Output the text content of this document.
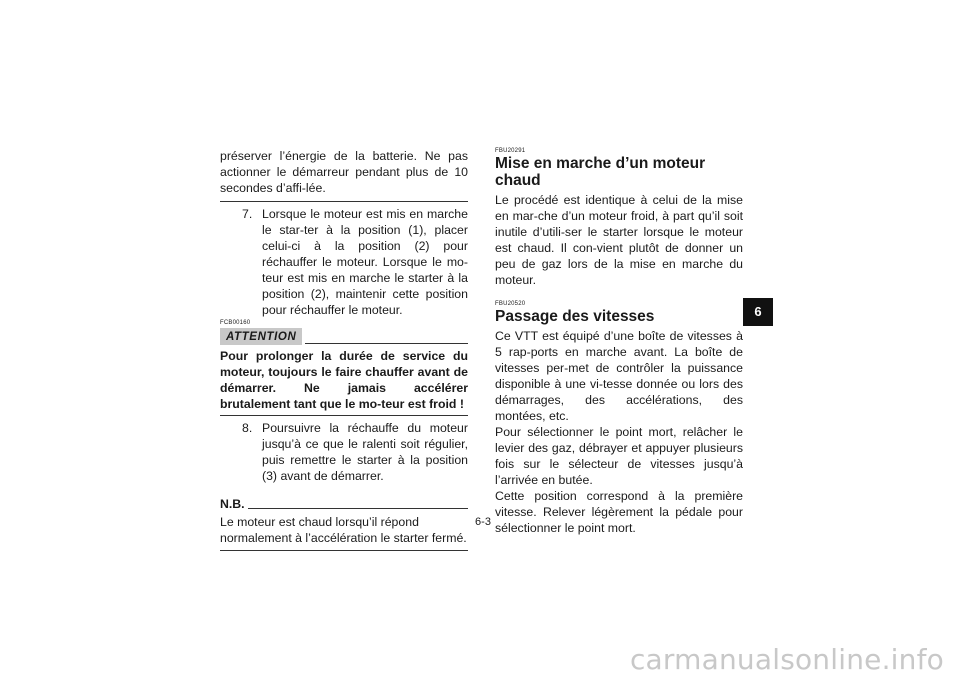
préserver l’énergie de la batterie. Ne pas actionner le démarreur pendant plus de 10 secondes d’affi-lée.

7. Lorsque le moteur est mis en marche le star-ter à la position (1), placer celui-ci à la position (2) pour réchauffer le moteur. Lorsque le mo-teur est mis en marche le starter à la position (2), maintenir cette position pour réchauffer le moteur.
FCB00160
ATTENTION

Pour prolonger la durée de service du moteur, toujours le faire chauffer avant de démarrer. Ne jamais accélérer brutalement tant que le mo-teur est froid !

8. Poursuivre la réchauffe du moteur jusqu’à ce que le ralenti soit régulier, puis remettre le starter à la position (3) avant de démarrer.
N.B.

Le moteur est chaud lorsqu’il répond normalement à l’accélération le starter fermé.

FBU20291
Mise en marche d’un moteur chaud

Le procédé est identique à celui de la mise en mar-che d’un moteur froid, à part qu’il soit inutile d’utili-ser le starter lorsque le moteur est chaud. Il con-vient plutôt de donner un peu de gaz lors de la mise en marche du moteur.

FBU20520
Passage des vitesses

Ce VTT est équipé d’une boîte de vitesses à 5 rap-ports en marche avant. La boîte de vitesses per-met de contrôler la puissance disponible à une vi-tesse donnée ou lors des démarrages, des accélérations, des montées, etc.

Pour sélectionner le point mort, relâcher le levier des gaz, débrayer et appuyer plusieurs fois sur le sélecteur de vitesses jusqu’à l’arrivée en butée.

Cette position correspond à la première vitesse. Relever légèrement la pédale pour sélectionner le point mort.

6
6-3
carmanualsonline.info
